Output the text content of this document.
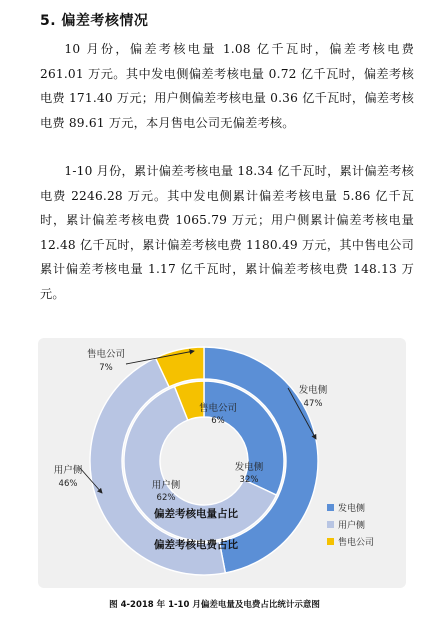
5. 偏差考核情况

10 月份，偏差考核电量 1.08 亿千瓦时，偏差考核电费 261.01 万元。其中发电侧偏差考核电量 0.72 亿千瓦时，偏差考核电费 171.40 万元；用户侧偏差考核电量 0.36 亿千瓦时，偏差考核电费 89.61 万元，本月售电公司无偏差考核。

1-10 月份，累计偏差考核电量 18.34 亿千瓦时，累计偏差考核电费 2246.28 万元。其中发电侧累计偏差考核电量 5.86 亿千瓦时，累计偏差考核电费 1065.79 万元；用户侧累计偏差考核电量 12.48 亿千瓦时，累计偏差考核电费 1180.49 万元，其中售电公司累计偏差考核电量 1.17 亿千瓦时，累计偏差考核电费 148.13 万元。

发电侧
32%
用户侧
62%
售电公司
6%
偏差考核电量占比
偏差考核电费占比
发电侧
47%
用户侧
46%
售电公司
7%
发电侧
用户侧
售电公司
图 4-2018 年 1-10 月偏差电量及电费占比统计示意图
